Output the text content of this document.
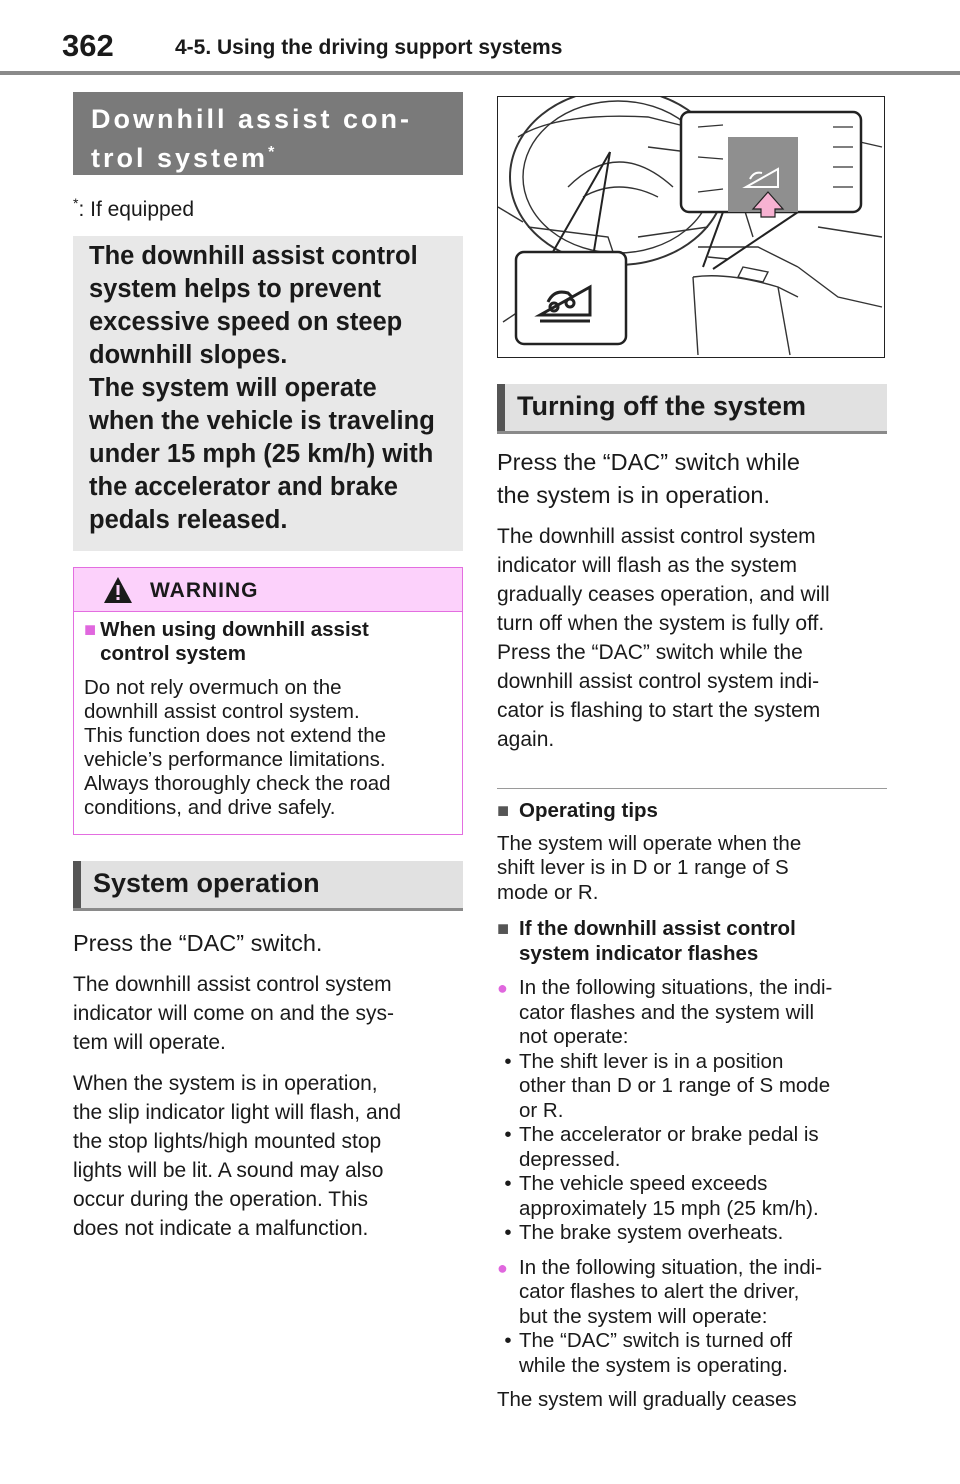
362	4-5. Using the driving support systems
Downhill assist con-
trol system*
*: If equipped

The downhill assist control

system helps to prevent

excessive speed on steep

downhill slopes.

The system will operate

when the vehicle is traveling

under 15 mph (25 km/h) with

the accelerator and brake

pedals released.

WARNING
■ When using downhill assist
control system
Do not rely overmuch on the
downhill assist control system.
This function does not extend the
vehicle’s performance limitations.
Always thoroughly check the road
conditions, and drive safely.
System operation
Press the “DAC” switch.
The downhill assist control system
indicator will come on and the sys-
tem will operate.
When the system is in operation,
the slip indicator light will flash, and
the stop lights/high mounted stop
lights will be lit. A sound may also
occur during the operation. This
does not indicate a malfunction.
Turning off the system
Press the “DAC” switch while
the system is in operation.
The downhill assist control system
indicator will flash as the system
gradually ceases operation, and will
turn off when the system is fully off.
Press the “DAC” switch while the
downhill assist control system indi-
cator is flashing to start the system
again.
■ Operating tips
The system will operate when the
shift lever is in D or 1 range of S
mode or R.
■ If the downhill assist control
system indicator flashes
● In the following situations, the indi-
cator flashes and the system will
not operate:
• The shift lever is in a position
other than D or 1 range of S mode
or R.
• The accelerator or brake pedal is
depressed.
• The vehicle speed exceeds
approximately 15 mph (25 km/h).
• The brake system overheats.
● In the following situation, the indi-
cator flashes to alert the driver,
but the system will operate:
• The “DAC” switch is turned off
while the system is operating.
The system will gradually ceases
